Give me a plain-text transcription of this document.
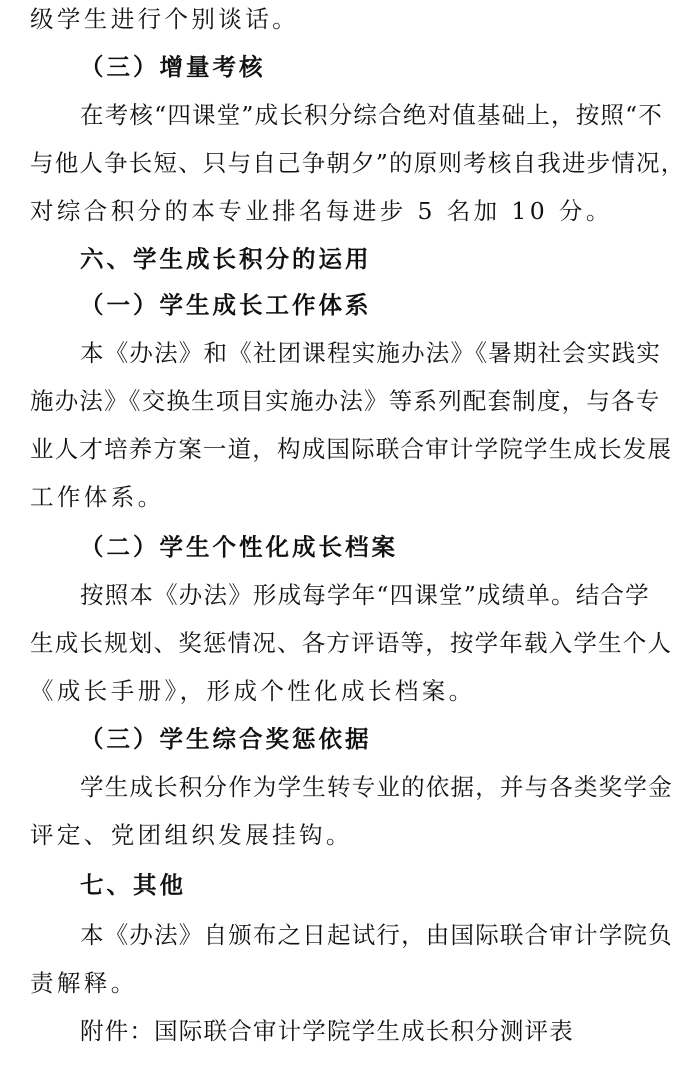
级学生进行个别谈话。
（三）增量考核
在考核“四课堂”成长积分综合绝对值基础上，按照“不
与他人争长短、只与自己争朝夕”的原则考核自我进步情况，
对综合积分的本专业排名每进步 5 名加 10 分。
六、学生成长积分的运用
（一）学生成长工作体系
本《办法》和《社团课程实施办法》《暑期社会实践实
施办法》《交换生项目实施办法》等系列配套制度，与各专
业人才培养方案一道，构成国际联合审计学院学生成长发展
工作体系。
（二）学生个性化成长档案
按照本《办法》形成每学年“四课堂”成绩单。结合学
生成长规划、奖惩情况、各方评语等，按学年载入学生个人
《成长手册》，形成个性化成长档案。
（三）学生综合奖惩依据
学生成长积分作为学生转专业的依据，并与各类奖学金
评定、党团组织发展挂钩。
七、其他
本《办法》自颁布之日起试行，由国际联合审计学院负
责解释。
附件：国际联合审计学院学生成长积分测评表
